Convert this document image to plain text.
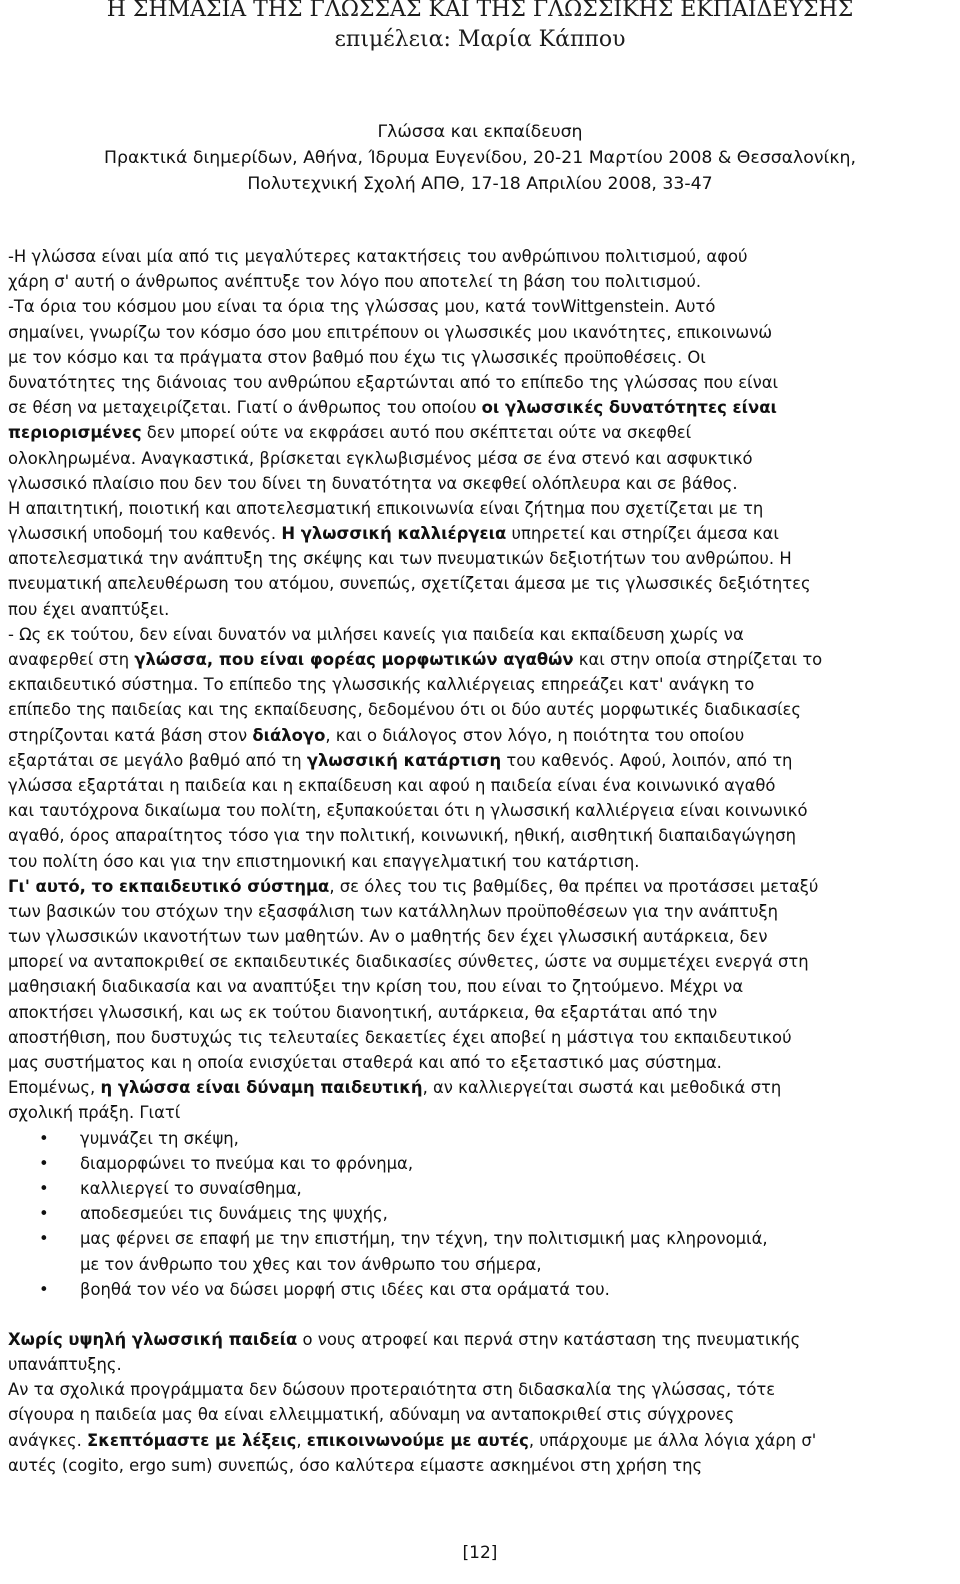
Η ΣΗΜΑΣΙΑ ΤΗΣ ΓΛΩΣΣΑΣ ΚΑΙ ΤΗΣ ΓΛΩΣΣΙΚΗΣ ΕΚΠΑΙΔΕΥΣΗΣ
επιμέλεια: Μαρία Κάππου
Γλώσσα και εκπαίδευση
Πρακτικά διημερίδων, Αθήνα, Ίδρυμα Ευγενίδου, 20-21 Μαρτίου 2008 & Θεσσαλονίκη,
Πολυτεχνική Σχολή ΑΠΘ, 17-18 Απριλίου 2008, 33-47
-Η γλώσσα είναι μία από τις μεγαλύτερες κατακτήσεις του ανθρώπινου πολιτισμού, αφού
χάρη σ' αυτή ο άνθρωπος ανέπτυξε τον λόγο που αποτελεί τη βάση του πολιτισμού.
-Τα όρια του κόσμου μου είναι τα όρια της γλώσσας μου, κατά τονWittgenstein. Αυτό
σημαίνει, γνωρίζω τον κόσμο όσο μου επιτρέπουν οι γλωσσικές μου ικανότητες, επικοινωνώ
με τον κόσμο και τα πράγματα στον βαθμό που έχω τις γλωσσικές προϋποθέσεις. Οι
δυνατότητες της διάνοιας του ανθρώπου εξαρτώνται από το επίπεδο της γλώσσας που είναι
σε θέση να μεταχειρίζεται. Γιατί ο άνθρωπος του οποίου οι γλωσσικές δυνατότητες είναι
περιορισμένες δεν μπορεί ούτε να εκφράσει αυτό που σκέπτεται ούτε να σκεφθεί
ολοκληρωμένα. Αναγκαστικά, βρίσκεται εγκλωβισμένος μέσα σε ένα στενό και ασφυκτικό
γλωσσικό πλαίσιο που δεν του δίνει τη δυνατότητα να σκεφθεί ολόπλευρα και σε βάθος.
Η απαιτητική, ποιοτική και αποτελεσματική επικοινωνία είναι ζήτημα που σχετίζεται με τη
γλωσσική υποδομή του καθενός. Η γλωσσική καλλιέργεια υπηρετεί και στηρίζει άμεσα και
αποτελεσματικά την ανάπτυξη της σκέψης και των πνευματικών δεξιοτήτων του ανθρώπου. Η
πνευματική απελευθέρωση του ατόμου, συνεπώς, σχετίζεται άμεσα με τις γλωσσικές δεξιότητες
που έχει αναπτύξει.
- Ως εκ τούτου, δεν είναι δυνατόν να μιλήσει κανείς για παιδεία και εκπαίδευση χωρίς να
αναφερθεί στη γλώσσα, που είναι φορέας μορφωτικών αγαθών και στην οποία στηρίζεται το
εκπαιδευτικό σύστημα. Το επίπεδο της γλωσσικής καλλιέργειας επηρεάζει κατ' ανάγκη το
επίπεδο της παιδείας και της εκπαίδευσης, δεδομένου ότι οι δύο αυτές μορφωτικές διαδικασίες
στηρίζονται κατά βάση στον διάλογο, και ο διάλογος στον λόγο, η ποιότητα του οποίου
εξαρτάται σε μεγάλο βαθμό από τη γλωσσική κατάρτιση του καθενός. Αφού, λοιπόν, από τη
γλώσσα εξαρτάται η παιδεία και η εκπαίδευση και αφού η παιδεία είναι ένα κοινωνικό αγαθό
και ταυτόχρονα δικαίωμα του πολίτη, εξυπακούεται ότι η γλωσσική καλλιέργεια είναι κοινωνικό
αγαθό, όρος απαραίτητος τόσο για την πολιτική, κοινωνική, ηθική, αισθητική διαπαιδαγώγηση
του πολίτη όσο και για την επιστημονική και επαγγελματική του κατάρτιση.
Γι' αυτό, το εκπαιδευτικό σύστημα, σε όλες του τις βαθμίδες, θα πρέπει να προτάσσει μεταξύ
των βασικών του στόχων την εξασφάλιση των κατάλληλων προϋποθέσεων για την ανάπτυξη
των γλωσσικών ικανοτήτων των μαθητών. Αν ο μαθητής δεν έχει γλωσσική αυτάρκεια, δεν
μπορεί να ανταποκριθεί σε εκπαιδευτικές διαδικασίες σύνθετες, ώστε να συμμετέχει ενεργά στη
μαθησιακή διαδικασία και να αναπτύξει την κρίση του, που είναι το ζητούμενο. Μέχρι να
αποκτήσει γλωσσική, και ως εκ τούτου διανοητική, αυτάρκεια, θα εξαρτάται από την
αποστήθιση, που δυστυχώς τις τελευταίες δεκαετίες έχει αποβεί η μάστιγα του εκπαιδευτικού
μας συστήματος και η οποία ενισχύεται σταθερά και από το εξεταστικό μας σύστημα.
Επομένως, η γλώσσα είναι δύναμη παιδευτική, αν καλλιεργείται σωστά και μεθοδικά στη
σχολική πράξη. Γιατί
• γυμνάζει τη σκέψη,
• διαμορφώνει το πνεύμα και το φρόνημα,
• καλλιεργεί το συναίσθημα,
• αποδεσμεύει τις δυνάμεις της ψυχής,
• μας φέρνει σε επαφή με την επιστήμη, την τέχνη, την πολιτισμική μας κληρονομιά,
με τον άνθρωπο του χθες και τον άνθρωπο του σήμερα,
• βοηθά τον νέο να δώσει μορφή στις ιδέες και στα οράματά του.
Χωρίς υψηλή γλωσσική παιδεία ο νους ατροφεί και περνά στην κατάσταση της πνευματικής
υπανάπτυξης.
Αν τα σχολικά προγράμματα δεν δώσουν προτεραιότητα στη διδασκαλία της γλώσσας, τότε
σίγουρα η παιδεία μας θα είναι ελλειμματική, αδύναμη να ανταποκριθεί στις σύγχρονες
ανάγκες. Σκεπτόμαστε με λέξεις, επικοινωνούμε με αυτές, υπάρχουμε με άλλα λόγια χάρη σ'
αυτές (cogito, ergo sum) συνεπώς, όσο καλύτερα είμαστε ασκημένοι στη χρήση της
[12]
